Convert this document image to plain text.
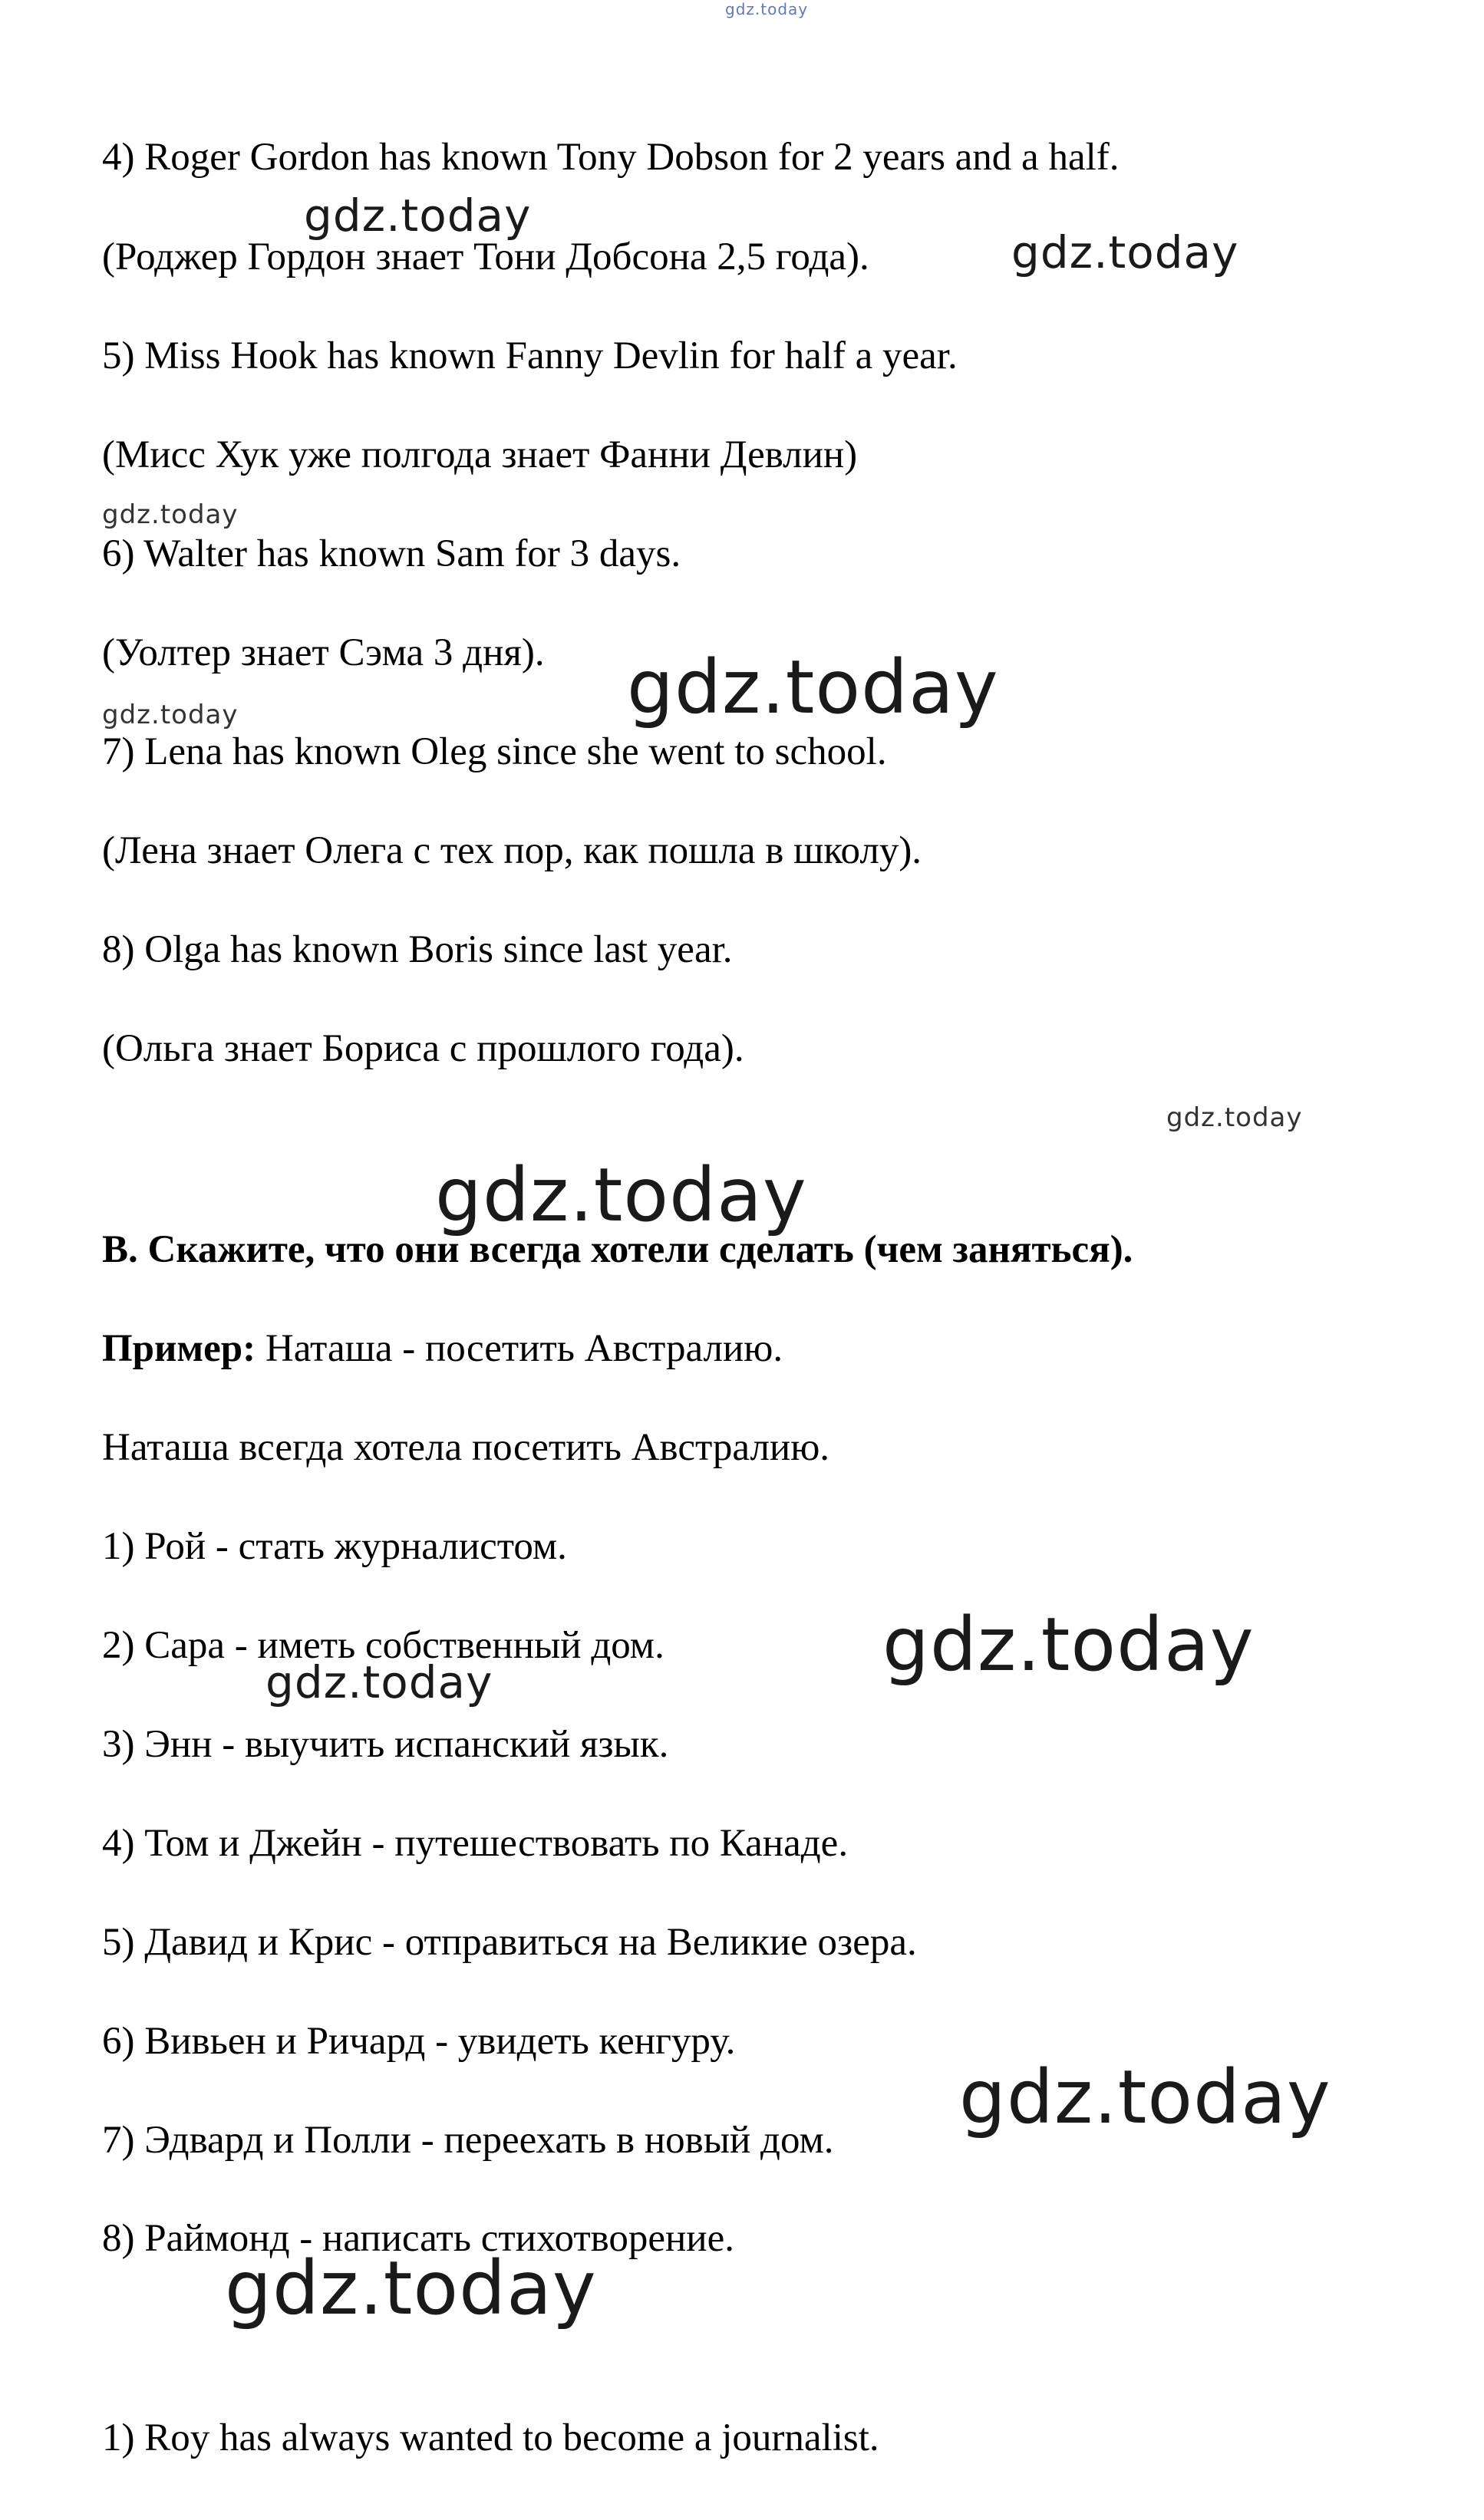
gdz.today
gdz.today
gdz.today
gdz.today
gdz.today
gdz.today
gdz.today
gdz.today
gdz.today
gdz.today
gdz.today
gdz.today
4) Roger Gordon has known Tony Dobson for 2 years and a half.
(Роджер Гордон знает Тони Добсона 2,5 года).
5) Miss Hook has known Fanny Devlin for half a year.
(Мисс Хук уже полгода знает Фанни Девлин)
6) Walter has known Sam for 3 days.
(Уолтер знает Сэма 3 дня).
7) Lena has known Oleg since she went to school.
(Лена знает Олега с тех пор, как пошла в школу).
8) Olga has known Boris since last year.
(Ольга знает Бориса с прошлого года).
B. Скажите, что они всегда хотели сделать (чем заняться).
Пример: Наташа - посетить Австралию.
Наташа всегда хотела посетить Австралию.
1) Рой - стать журналистом.
2) Сара - иметь собственный дом.
3) Энн - выучить испанский язык.
4) Том и Джейн - путешествовать по Канаде.
5) Давид и Крис - отправиться на Великие озера.
6) Вивьен и Ричард - увидеть кенгуру.
7) Эдвард и Полли - переехать в новый дом.
8) Раймонд - написать стихотворение.
1) Roy has always wanted to become a journalist.
